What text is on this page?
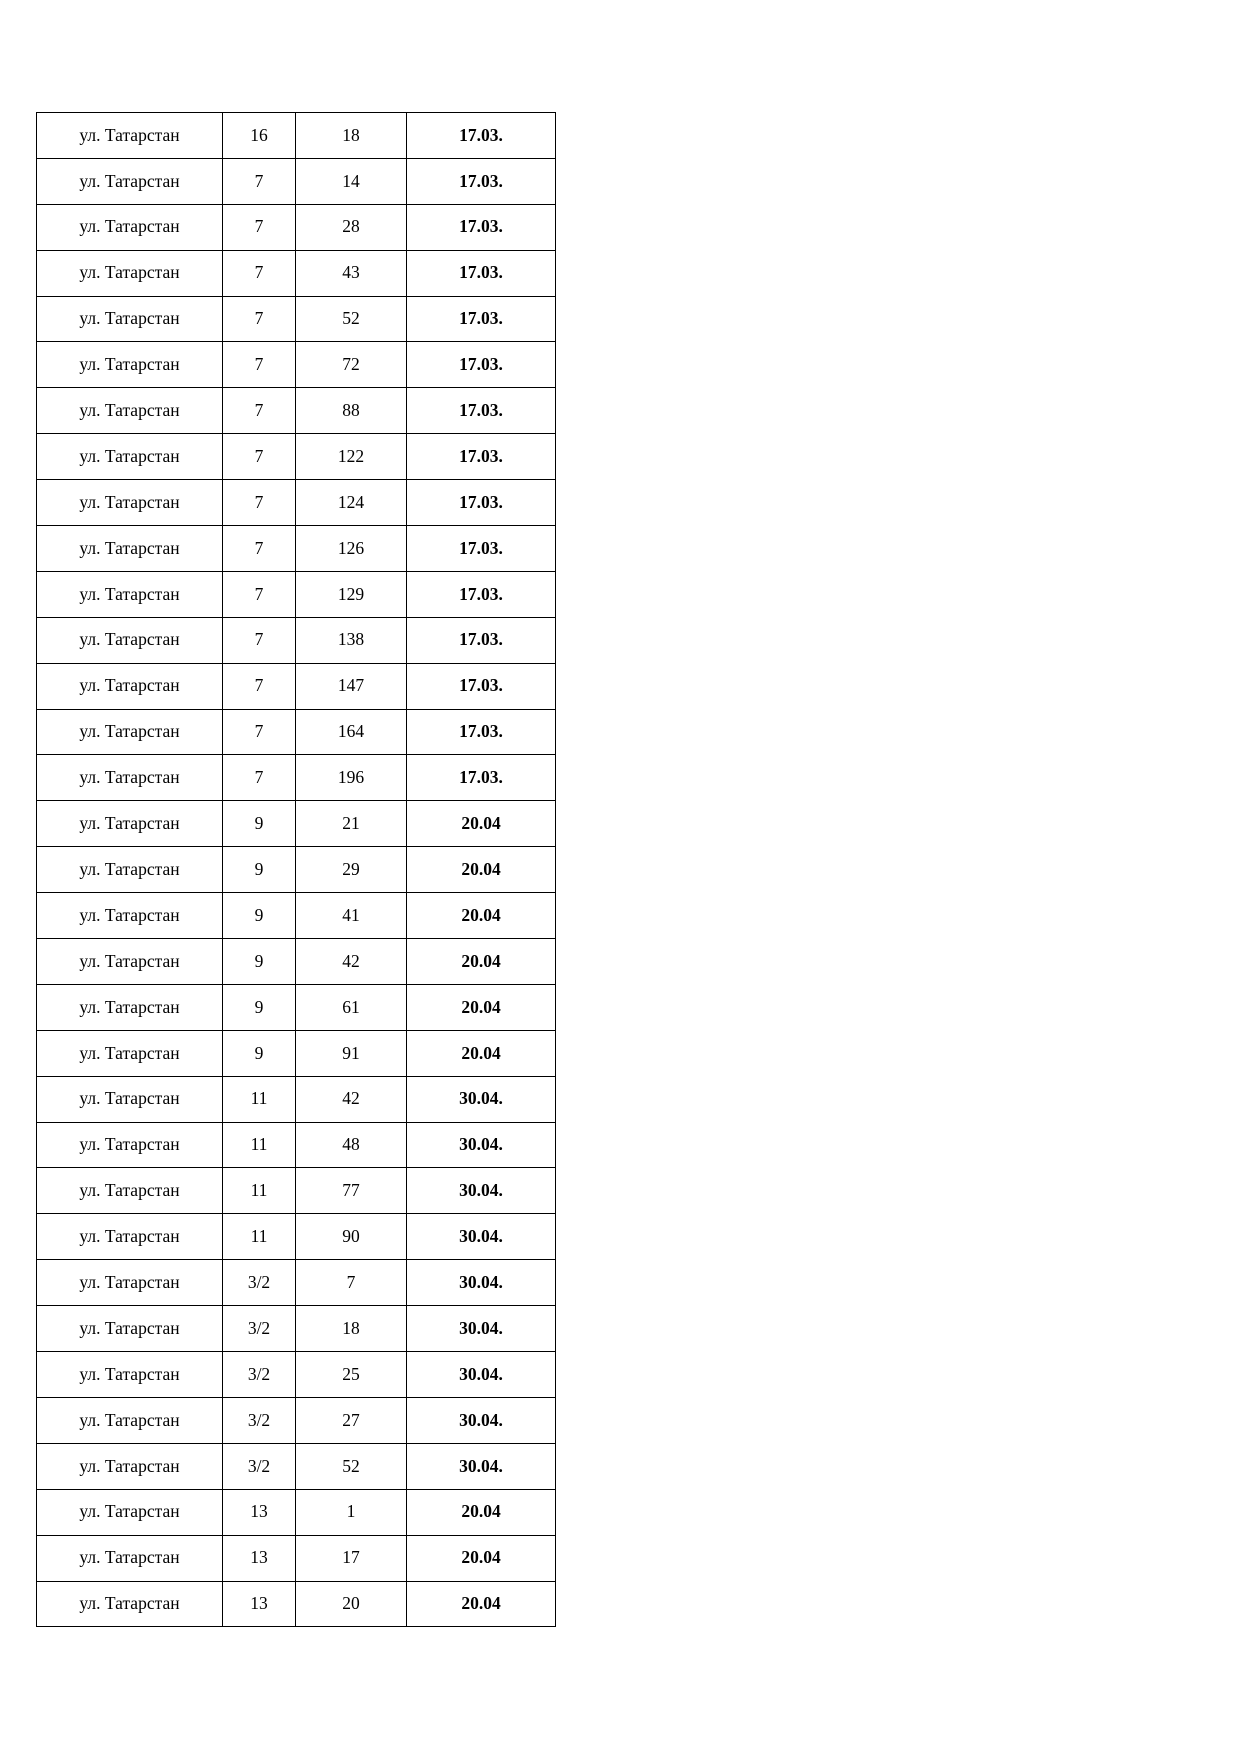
ул. Татарстан	16	18	17.03.
ул. Татарстан	7	14	17.03.
ул. Татарстан	7	28	17.03.
ул. Татарстан	7	43	17.03.
ул. Татарстан	7	52	17.03.
ул. Татарстан	7	72	17.03.
ул. Татарстан	7	88	17.03.
ул. Татарстан	7	122	17.03.
ул. Татарстан	7	124	17.03.
ул. Татарстан	7	126	17.03.
ул. Татарстан	7	129	17.03.
ул. Татарстан	7	138	17.03.
ул. Татарстан	7	147	17.03.
ул. Татарстан	7	164	17.03.
ул. Татарстан	7	196	17.03.
ул. Татарстан	9	21	20.04
ул. Татарстан	9	29	20.04
ул. Татарстан	9	41	20.04
ул. Татарстан	9	42	20.04
ул. Татарстан	9	61	20.04
ул. Татарстан	9	91	20.04
ул. Татарстан	11	42	30.04.
ул. Татарстан	11	48	30.04.
ул. Татарстан	11	77	30.04.
ул. Татарстан	11	90	30.04.
ул. Татарстан	3/2	7	30.04.
ул. Татарстан	3/2	18	30.04.
ул. Татарстан	3/2	25	30.04.
ул. Татарстан	3/2	27	30.04.
ул. Татарстан	3/2	52	30.04.
ул. Татарстан	13	1	20.04
ул. Татарстан	13	17	20.04
ул. Татарстан	13	20	20.04
